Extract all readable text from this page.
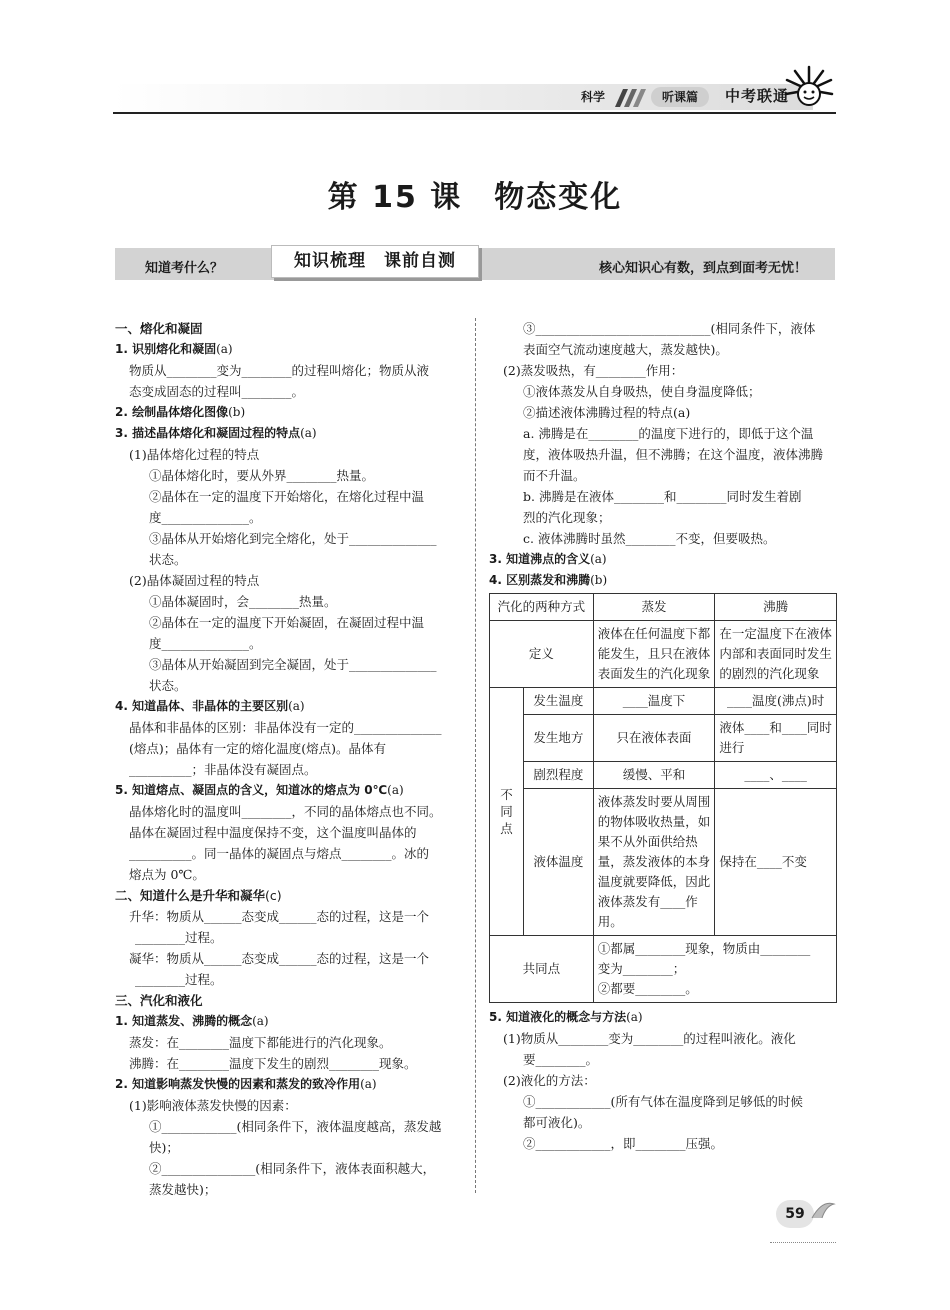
科学	听课篇	中考联通
第 15 课　物态变化
知道考什么？	知识梳理　课前自测	核心知识心有数，到点到面考无忧！
一、熔化和凝固
1. 识别熔化和凝固(a)
物质从________变为________的过程叫熔化；物质从液
态变成固态的过程叫________。
2. 绘制晶体熔化图像(b)
3. 描述晶体熔化和凝固过程的特点(a)
(1)晶体熔化过程的特点
①晶体熔化时，要从外界________热量。
②晶体在一定的温度下开始熔化，在熔化过程中温
度______________。
③晶体从开始熔化到完全熔化，处于______________
状态。
(2)晶体凝固过程的特点
①晶体凝固时，会________热量。
②晶体在一定的温度下开始凝固，在凝固过程中温
度______________。
③晶体从开始凝固到完全凝固，处于______________
状态。
4. 知道晶体、非晶体的主要区别(a)
晶体和非晶体的区别：非晶体没有一定的______________
(熔点)；晶体有一定的熔化温度(熔点)。晶体有
__________；非晶体没有凝固点。
5. 知道熔点、凝固点的含义，知道冰的熔点为 0℃(a)
晶体熔化时的温度叫________，不同的晶体熔点也不同。
晶体在凝固过程中温度保持不变，这个温度叫晶体的
__________。同一晶体的凝固点与熔点________。冰的
熔点为 0℃。
二、知道什么是升华和凝华(c)
升华：物质从______态变成______态的过程，这是一个
________过程。
凝华：物质从______态变成______态的过程，这是一个
________过程。
三、汽化和液化
1. 知道蒸发、沸腾的概念(a)
蒸发：在________温度下都能进行的汽化现象。
沸腾：在________温度下发生的剧烈________现象。
2. 知道影响蒸发快慢的因素和蒸发的致冷作用(a)
(1)影响液体蒸发快慢的因素：
①____________(相同条件下，液体温度越高，蒸发越
快)；
②_______________(相同条件下，液体表面积越大，
蒸发越快)；
③____________________________(相同条件下，液体
表面空气流动速度越大，蒸发越快)。
(2)蒸发吸热，有________作用：
①液体蒸发从自身吸热，使自身温度降低；
②描述液体沸腾过程的特点(a)
a. 沸腾是在________的温度下进行的，即低于这个温
度，液体吸热升温，但不沸腾；在这个温度，液体沸腾
而不升温。
b. 沸腾是在液体________和________同时发生着剧
烈的汽化现象；
c. 液体沸腾时虽然________不变，但要吸热。
3. 知道沸点的含义(a)
4. 区别蒸发和沸腾(b)
汽化的两种方式		蒸发	沸腾
定义		液体在任何温度下都能发生，且只在液体表面发生的汽化现象	在一定温度下在液体内部和表面同时发生的剧烈的汽化现象
不同点	发生温度	____温度下	____温度(沸点)时
	发生地方	只在液体表面	液体____和____同时进行
	剧烈程度	缓慢、平和	____、____
	液体温度	液体蒸发时要从周围的物体吸收热量，如果不从外面供给热量，蒸发液体的本身温度就要降低，因此液体蒸发有____作用。	保持在____不变
共同点		①都属________现象，物质由________
变为________；
②都要________。	
5. 知道液化的概念与方法(a)
(1)物质从________变为________的过程叫液化。液化
要________。
(2)液化的方法：
①____________(所有气体在温度降到足够低的时候
都可液化)。
②____________，即________压强。
59
